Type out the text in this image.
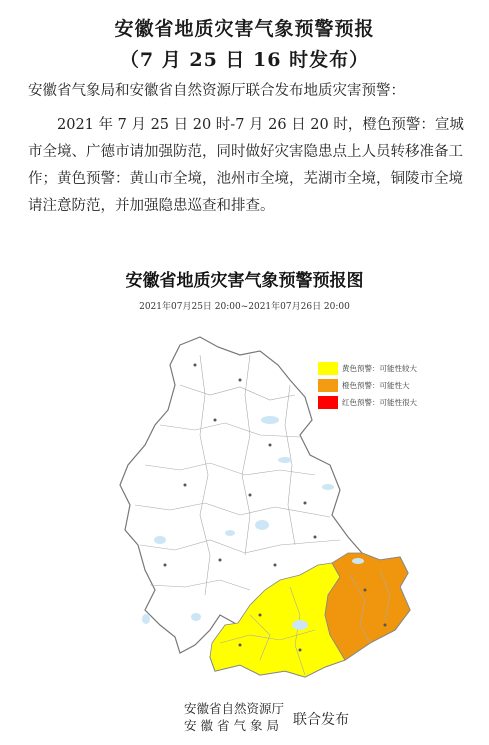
安徽省地质灾害气象预警预报
（7 月 25 日 16 时发布）
安徽省气象局和安徽省自然资源厅联合发布地质灾害预警：
2021 年 7 月 25 日 20 时-7 月 26 日 20 时，橙色预警：宣城市全境、广德市请加强防范，同时做好灾害隐患点上人员转移准备工作；黄色预警：黄山市全境，池州市全境，芜湖市全境，铜陵市全境请注意防范，并加强隐患巡查和排查。
安徽省地质灾害气象预警预报图
2021年07月25日 20:00~2021年07月26日 20:00
黄色预警：可能性较大
橙色预警：可能性大
红色预警：可能性很大
安徽省自然资源厅
安徽省气象局 联合发布
